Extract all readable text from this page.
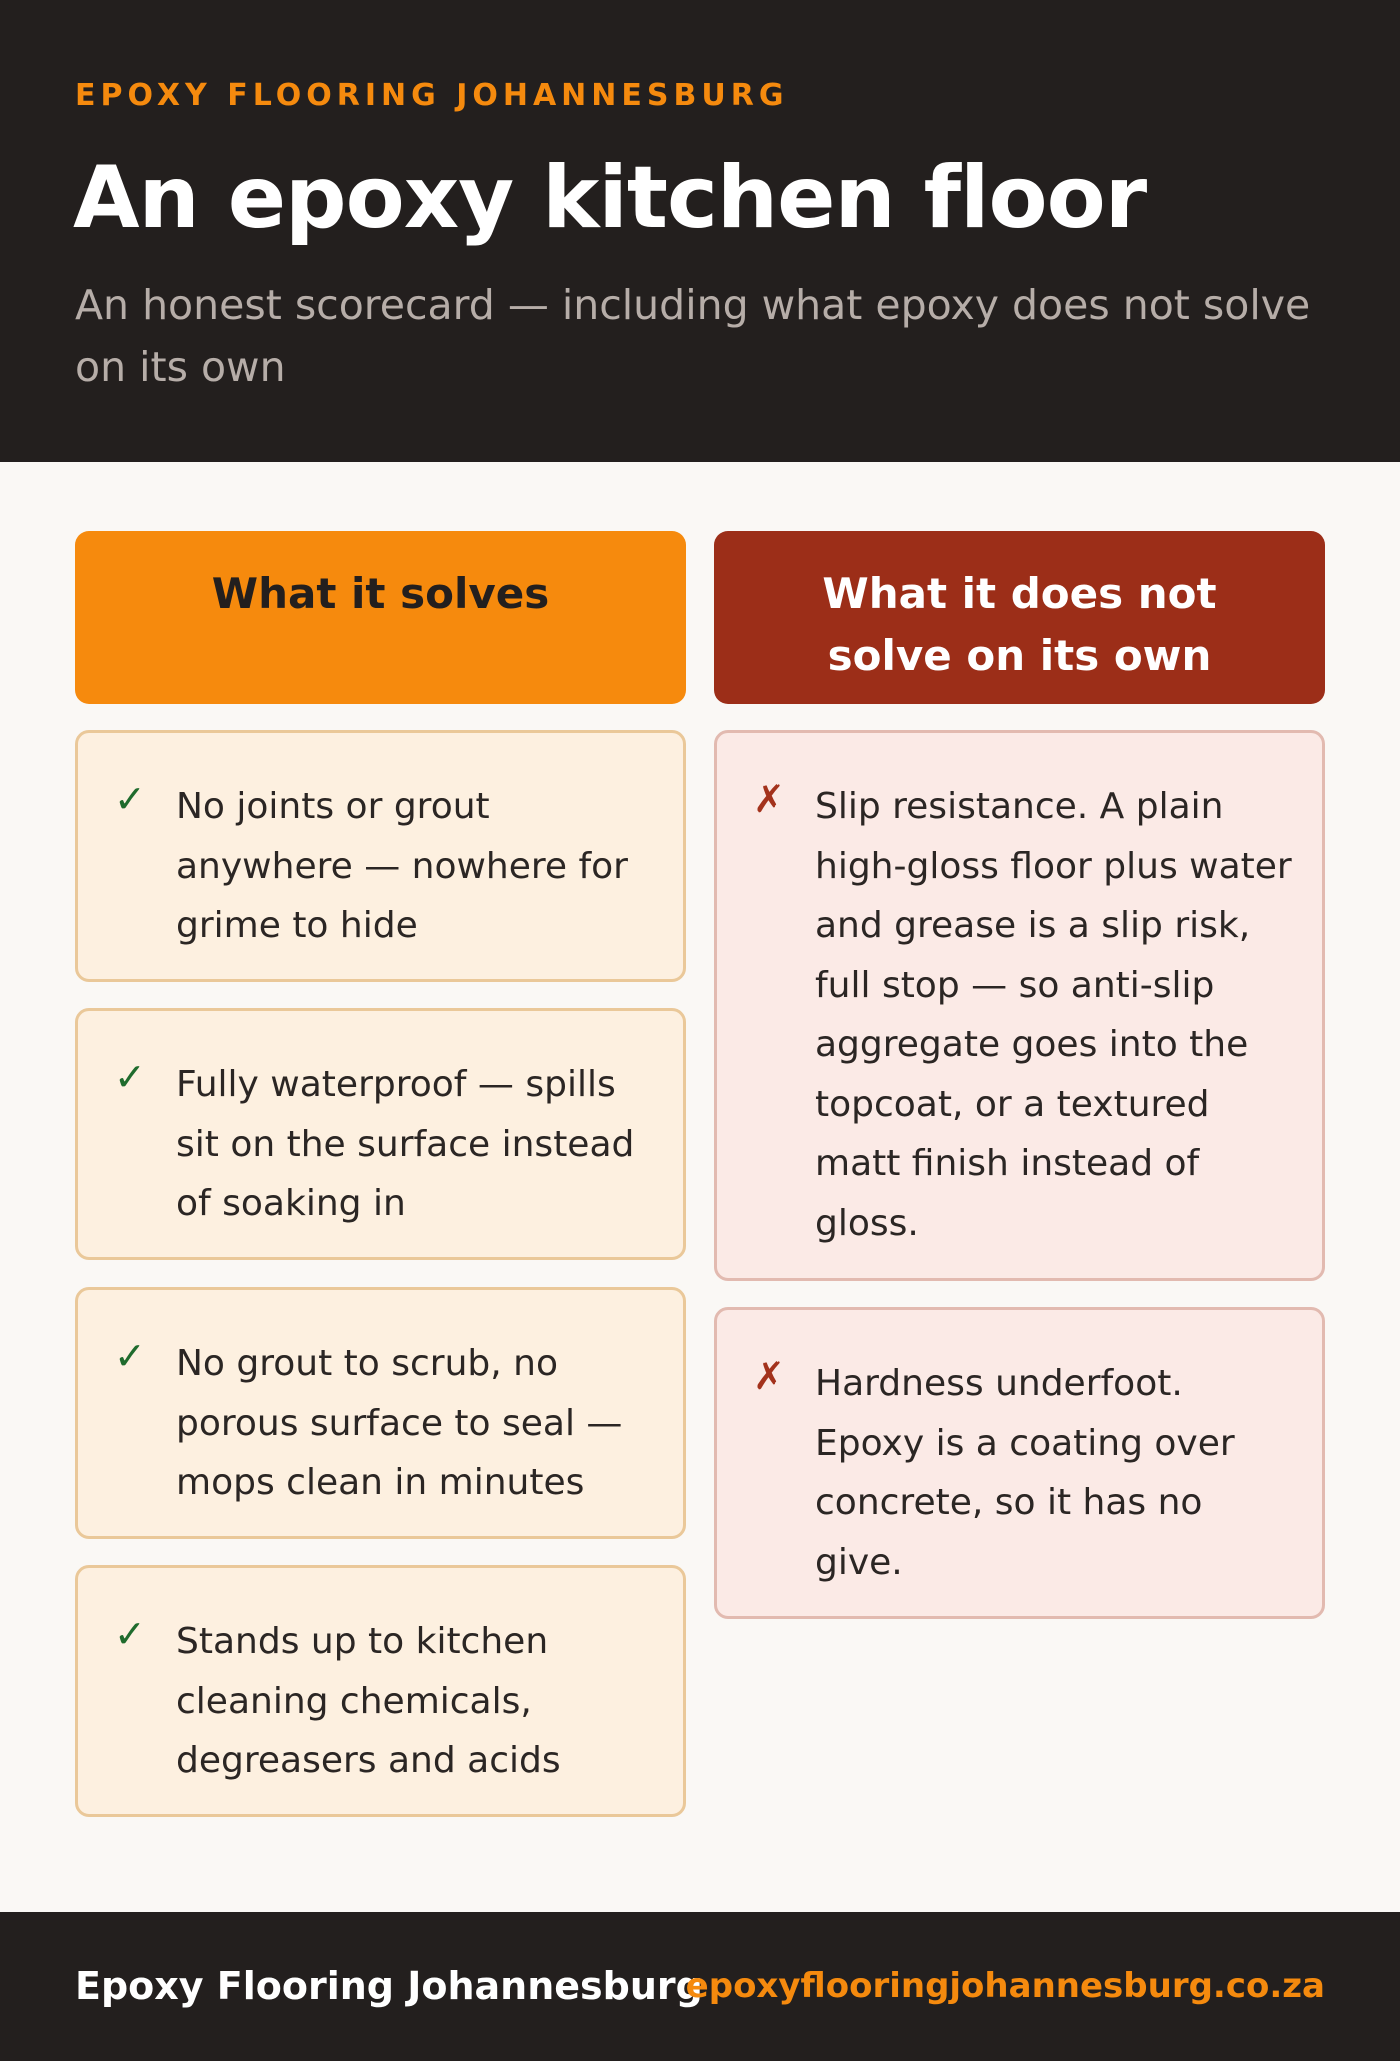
EPOXY FLOORING JOHANNESBURG
An epoxy kitchen floor
An honest scorecard — including what epoxy does not solve on its own
What it solves	What it does not solve on its own
✓ No joints or grout anywhere — nowhere for grime to hide
✓ Fully waterproof — spills sit on the surface instead of soaking in
✓ No grout to scrub, no porous surface to seal — mops clean in minutes
✓ Stands up to kitchen cleaning chemicals, degreasers and acids
✗ Slip resistance. A plain high-gloss floor plus water and grease is a slip risk, full stop — so anti-slip aggregate goes into the topcoat, or a textured matt finish instead of gloss.
✗ Hardness underfoot. Epoxy is a coating over concrete, so it has no give.
Epoxy Flooring Johannesburg
epoxyflooringjohannesburg.co.za
